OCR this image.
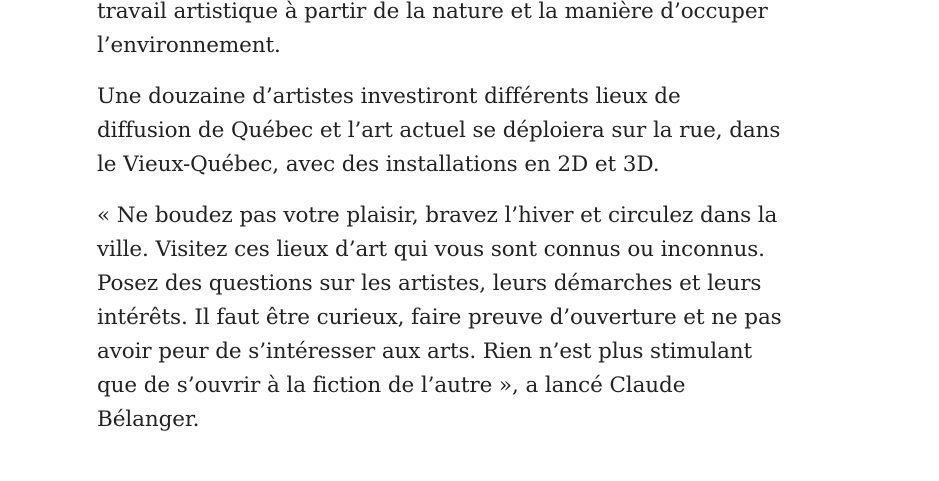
travail artistique à partir de la nature et la manière d’occuper
l’environnement.

Une douzaine d’artistes investiront différents lieux de
diffusion de Québec et l’art actuel se déploiera sur la rue, dans
le Vieux-Québec, avec des installations en 2D et 3D.

« Ne boudez pas votre plaisir, bravez l’hiver et circulez dans la
ville. Visitez ces lieux d’art qui vous sont connus ou inconnus.
Posez des questions sur les artistes, leurs démarches et leurs
intérêts. Il faut être curieux, faire preuve d’ouverture et ne pas
avoir peur de s’intéresser aux arts. Rien n’est plus stimulant
que de s’ouvrir à la fiction de l’autre », a lancé Claude
Bélanger.
